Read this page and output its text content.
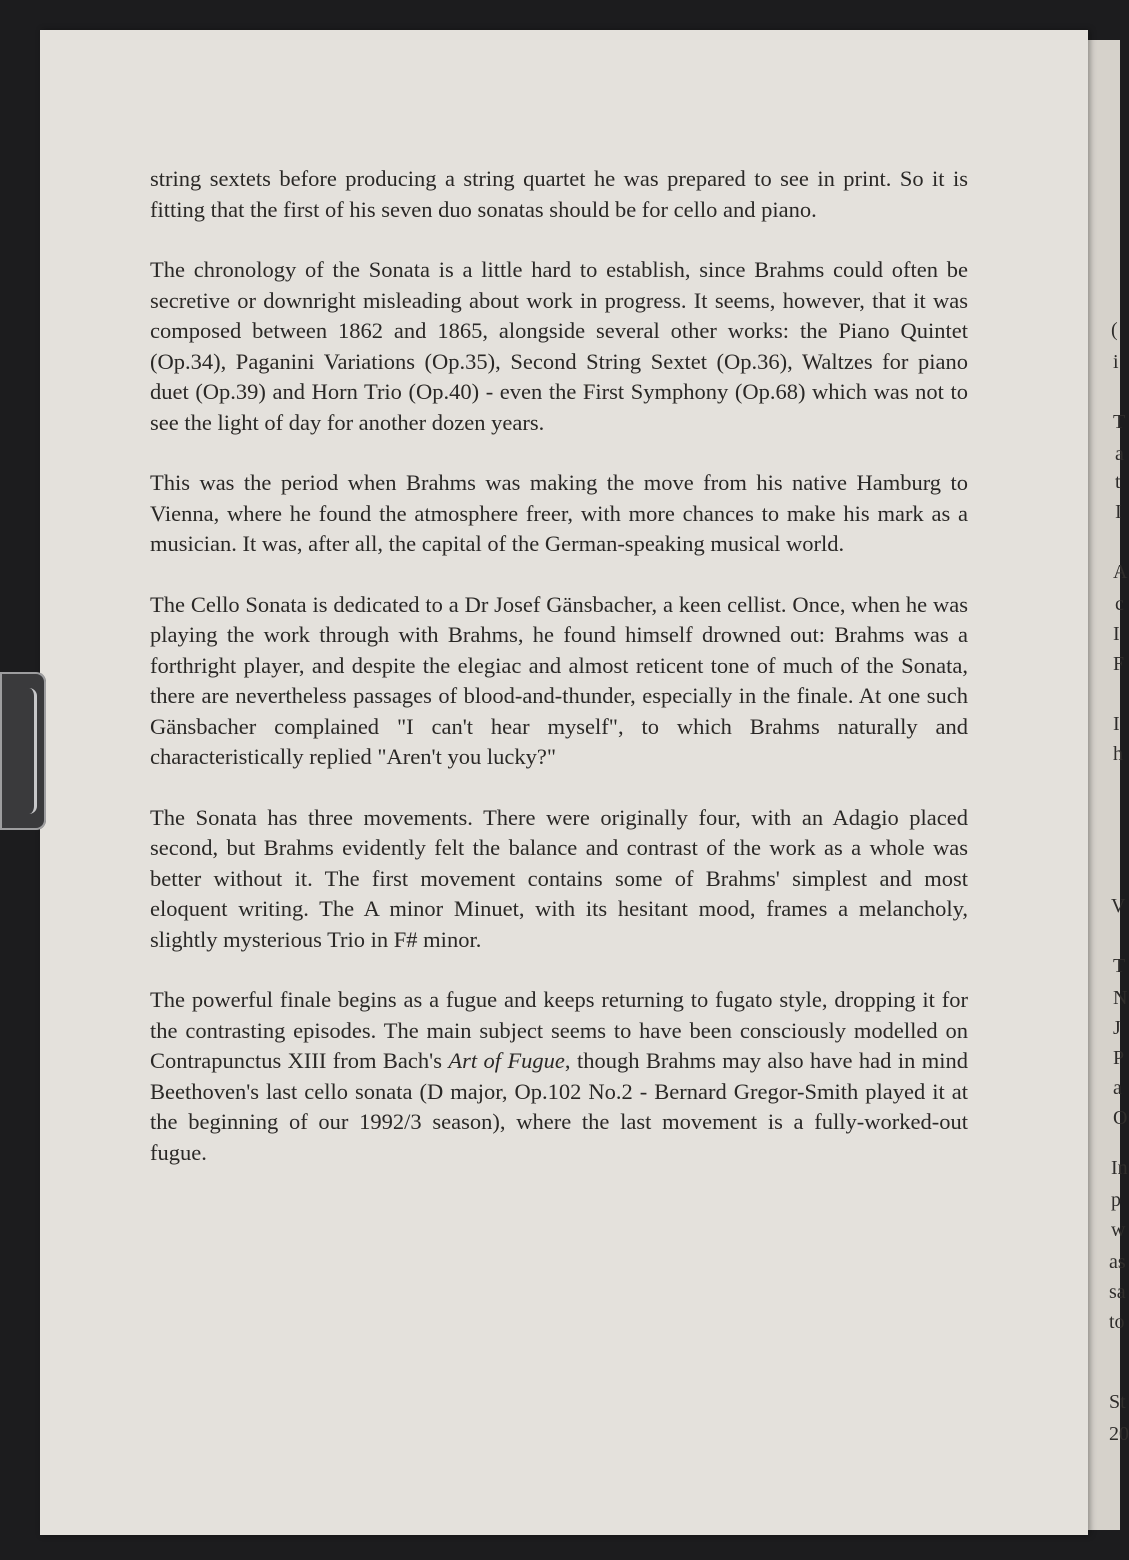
(
i
T
a
t
I
A
c
I
F
I
h
V
T
N
J
P
a
O
In
p
w
as
sa
to
St
20

string sextets before producing a string quartet he was prepared to see in print. So it is fitting that the first of his seven duo sonatas should be for cello and piano.

The chronology of the Sonata is a little hard to establish, since Brahms could often be secretive or downright misleading about work in progress. It seems, however, that it was composed between 1862 and 1865, alongside several other works: the Piano Quintet (Op.34), Paganini Variations (Op.35), Second String Sextet (Op.36), Waltzes for piano duet (Op.39) and Horn Trio (Op.40) - even the First Symphony (Op.68) which was not to see the light of day for another dozen years.

This was the period when Brahms was making the move from his native Hamburg to Vienna, where he found the atmosphere freer, with more chances to make his mark as a musician. It was, after all, the capital of the German-speaking musical world.

The Cello Sonata is dedicated to a Dr Josef Gänsbacher, a keen cellist. Once, when he was playing the work through with Brahms, he found himself drowned out: Brahms was a forthright player, and despite the elegiac and almost reticent tone of much of the Sonata, there are nevertheless passages of blood-and-thunder, especially in the finale. At one such Gänsbacher complained "I can't hear myself", to which Brahms naturally and characteristically replied "Aren't you lucky?"

The Sonata has three movements. There were originally four, with an Adagio placed second, but Brahms evidently felt the balance and contrast of the work as a whole was better without it. The first movement contains some of Brahms' simplest and most eloquent writing. The A minor Minuet, with its hesitant mood, frames a melancholy, slightly mysterious Trio in F# minor.

The powerful finale begins as a fugue and keeps returning to fugato style, dropping it for the contrasting episodes. The main subject seems to have been consciously modelled on Contrapunctus XIII from Bach's Art of Fugue, though Brahms may also have had in mind Beethoven's last cello sonata (D major, Op.102 No.2 - Bernard Gregor-Smith played it at the beginning of our 1992/3 season), where the last movement is a fully-worked-out fugue.
